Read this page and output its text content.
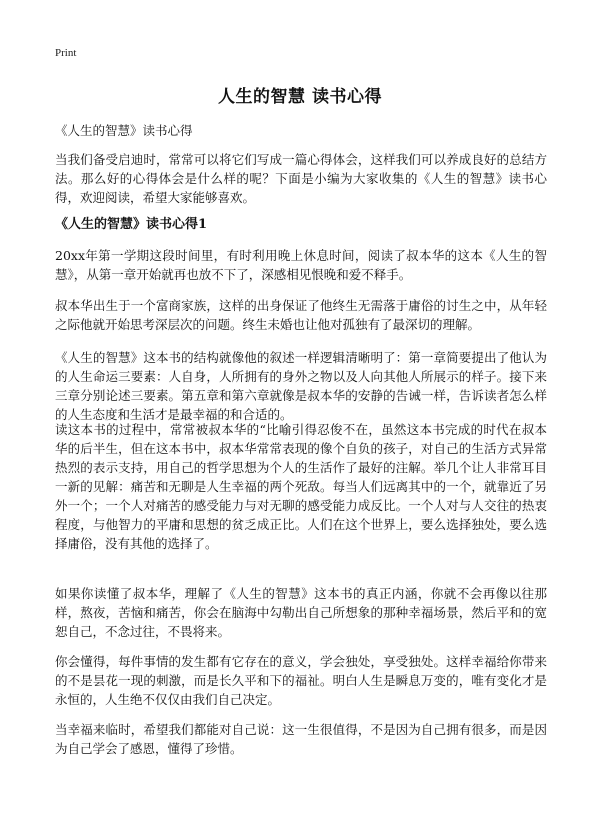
Print
人生的智慧 读书心得
《人生的智慧》读书心得

当我们备受启迪时，常常可以将它们写成一篇心得体会，这样我们可以养成良好的总结方法。那么好的心得体会是什么样的呢？下面是小编为大家收集的《人生的智慧》读书心得，欢迎阅读，希望大家能够喜欢。

《人生的智慧》读书心得1

20xx年第一学期这段时间里，有时利用晚上休息时间，阅读了叔本华的这本《人生的智慧》，从第一章开始就再也放不下了，深感相见恨晚和爱不释手。

叔本华出生于一个富商家族，这样的出身保证了他终生无需落于庸俗的讨生之中，从年轻之际他就开始思考深层次的问题。终生未婚也让他对孤独有了最深切的理解。

《人生的智慧》这本书的结构就像他的叙述一样逻辑清晰明了：第一章简要提出了他认为的人生命运三要素：人自身，人所拥有的身外之物以及人向其他人所展示的样子。接下来三章分别论述三要素。第五章和第六章就像是叔本华的安静的告诫一样，告诉读者怎么样的人生态度和生活才是最幸福的和合适的。

读这本书的过程中，常常被叔本华的“比喻引得忍俊不在，虽然这本书完成的时代在叔本华的后半生，但在这本书中，叔本华常常表现的像个自负的孩子，对自己的生活方式异常热烈的表示支持，用自己的哲学思想为个人的生活作了最好的注解。举几个让人非常耳目一新的见解：痛苦和无聊是人生幸福的两个死敌。每当人们远离其中的一个，就靠近了另外一个；一个人对痛苦的感受能力与对无聊的感受能力成反比。一个人对与人交往的热衷程度，与他智力的平庸和思想的贫乏成正比。人们在这个世界上，要么选择独处，要么选择庸俗，没有其他的选择了。

如果你读懂了叔本华，理解了《人生的智慧》这本书的真正内涵，你就不会再像以往那样，熬夜，苦恼和痛苦，你会在脑海中勾勒出自己所想象的那种幸福场景，然后平和的宽恕自己，不念过往，不畏将来。

你会懂得，每件事情的发生都有它存在的意义，学会独处，享受独处。这样幸福给你带来的不是昙花一现的刺激，而是长久平和下的福祉。明白人生是瞬息万变的，唯有变化才是永恒的，人生绝不仅仅由我们自己决定。

当幸福来临时，希望我们都能对自己说：这一生很值得，不是因为自己拥有很多，而是因为自己学会了感恩，懂得了珍惜。
